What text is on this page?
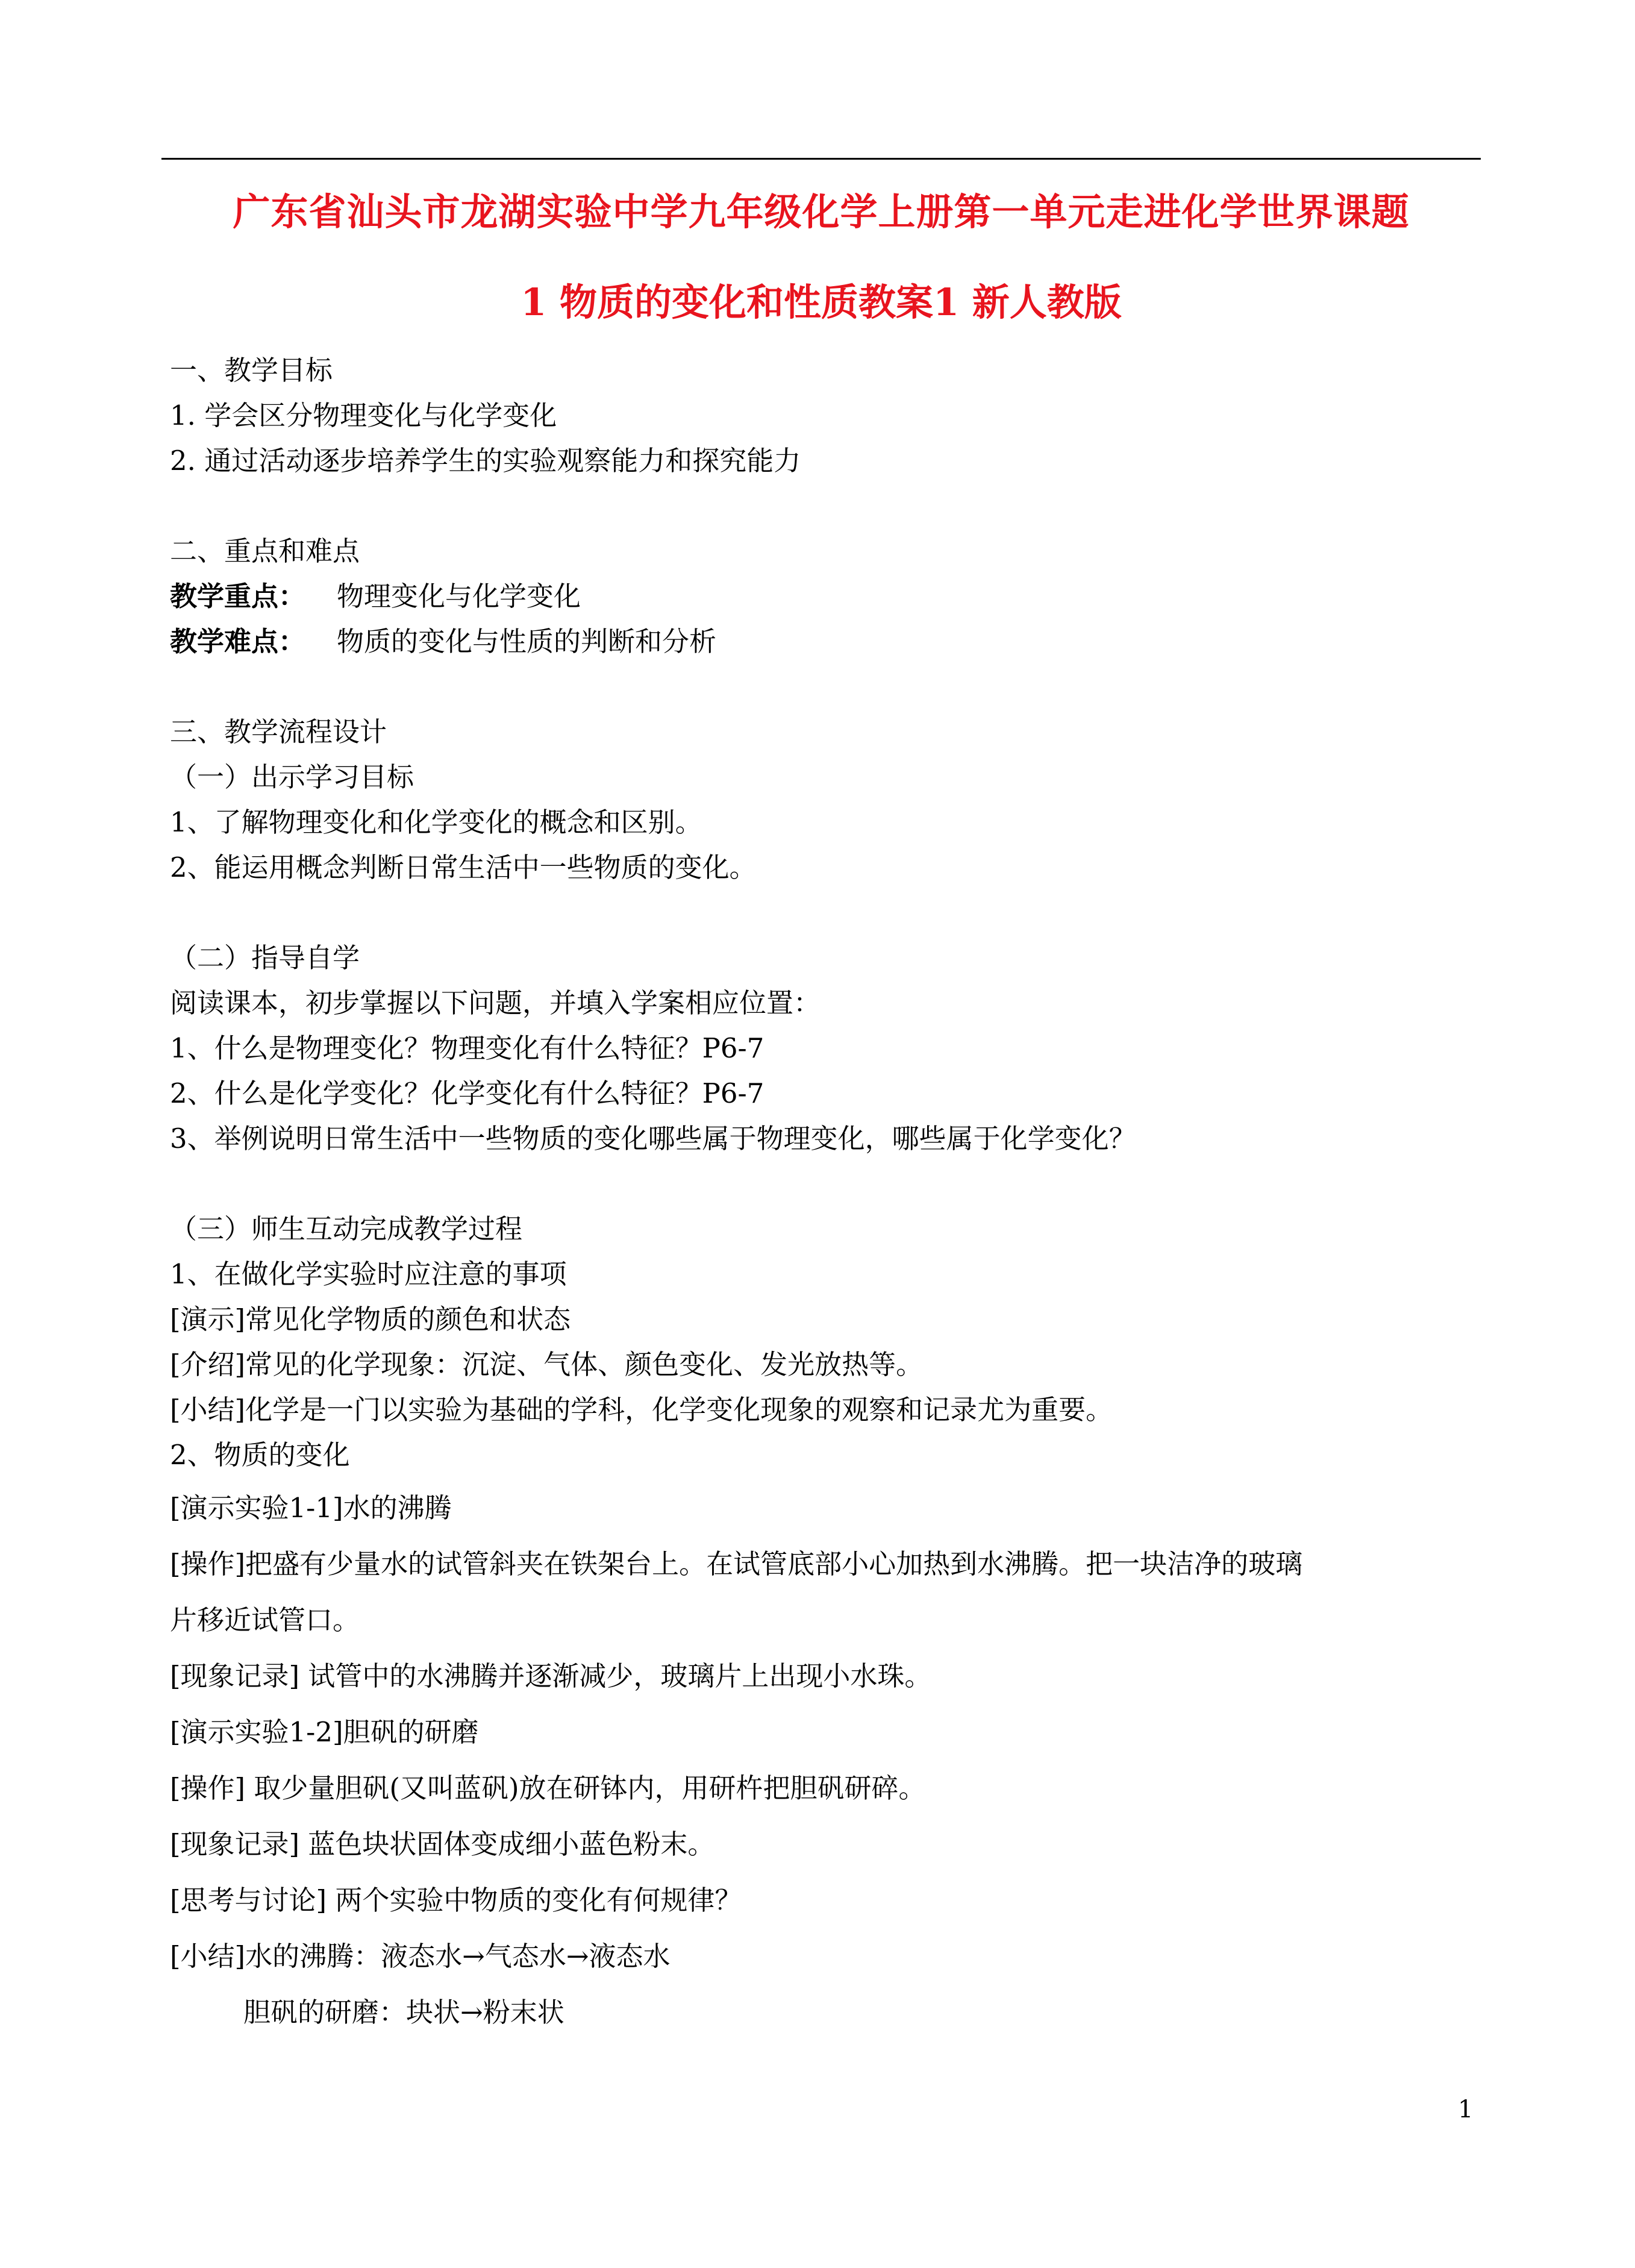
广东省汕头市龙湖实验中学九年级化学上册第一单元走进化学世界课题
1 物质的变化和性质教案1 新人教版
一、教学目标
1. 学会区分物理变化与化学变化
2. 通过活动逐步培养学生的实验观察能力和探究能力
二、重点和难点
教学重点： 物理变化与化学变化
教学难点： 物质的变化与性质的判断和分析
三、教学流程设计
（一）出示学习目标
1、了解物理变化和化学变化的概念和区别。
2、能运用概念判断日常生活中一些物质的变化。
（二）指导自学
阅读课本，初步掌握以下问题，并填入学案相应位置：
1、什么是物理变化？物理变化有什么特征？P6-7
2、什么是化学变化？化学变化有什么特征？P6-7
3、举例说明日常生活中一些物质的变化哪些属于物理变化，哪些属于化学变化？
（三）师生互动完成教学过程
1、在做化学实验时应注意的事项
[演示]常见化学物质的颜色和状态
[介绍]常见的化学现象：沉淀、气体、颜色变化、发光放热等。
[小结]化学是一门以实验为基础的学科，化学变化现象的观察和记录尤为重要。
2、物质的变化
[演示实验1-1]水的沸腾
[操作]把盛有少量水的试管斜夹在铁架台上。在试管底部小心加热到水沸腾。把一块洁净的玻璃
片移近试管口。
[现象记录] 试管中的水沸腾并逐渐减少，玻璃片上出现小水珠。
[演示实验1-2]胆矾的研磨
[操作] 取少量胆矾(又叫蓝矾)放在研钵内，用研杵把胆矾研碎。
[现象记录] 蓝色块状固体变成细小蓝色粉末。
[思考与讨论] 两个实验中物质的变化有何规律？
[小结]水的沸腾：液态水→气态水→液态水
胆矾的研磨：块状→粉末状
1
